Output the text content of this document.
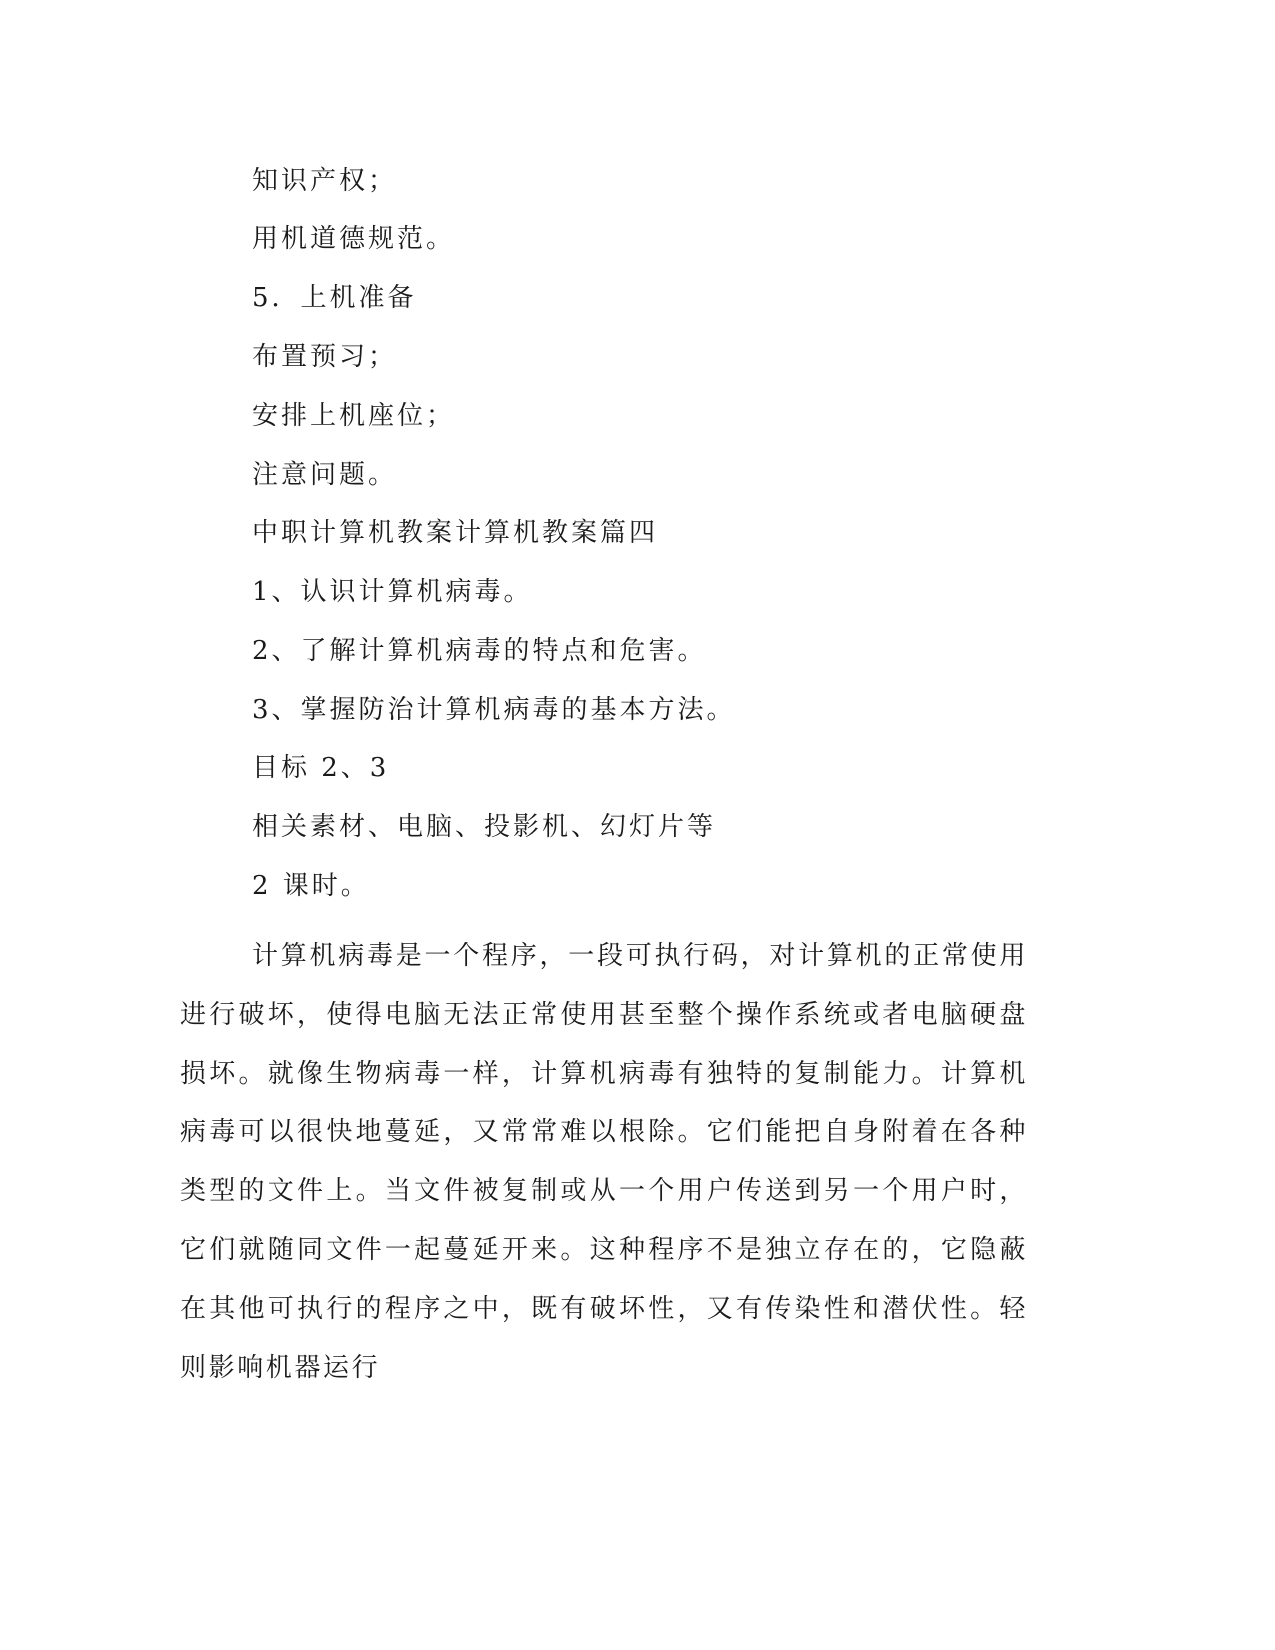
知识产权；
用机道德规范。
5．上机准备
布置预习；
安排上机座位；
注意问题。
中职计算机教案计算机教案篇四
1、认识计算机病毒。
2、了解计算机病毒的特点和危害。
3、掌握防治计算机病毒的基本方法。
目标 2、3
相关素材、电脑、投影机、幻灯片等
2 课时。

计算机病毒是一个程序，一段可执行码，对计算机的正常使用进行破坏，使得电脑无法正常使用甚至整个操作系统或者电脑硬盘损坏。就像生物病毒一样，计算机病毒有独特的复制能力。计算机病毒可以很快地蔓延，又常常难以根除。它们能把自身附着在各种类型的文件上。当文件被复制或从一个用户传送到另一个用户时，它们就随同文件一起蔓延开来。这种程序不是独立存在的，它隐蔽在其他可执行的程序之中，既有破坏性，又有传染性和潜伏性。轻则影响机器运行
